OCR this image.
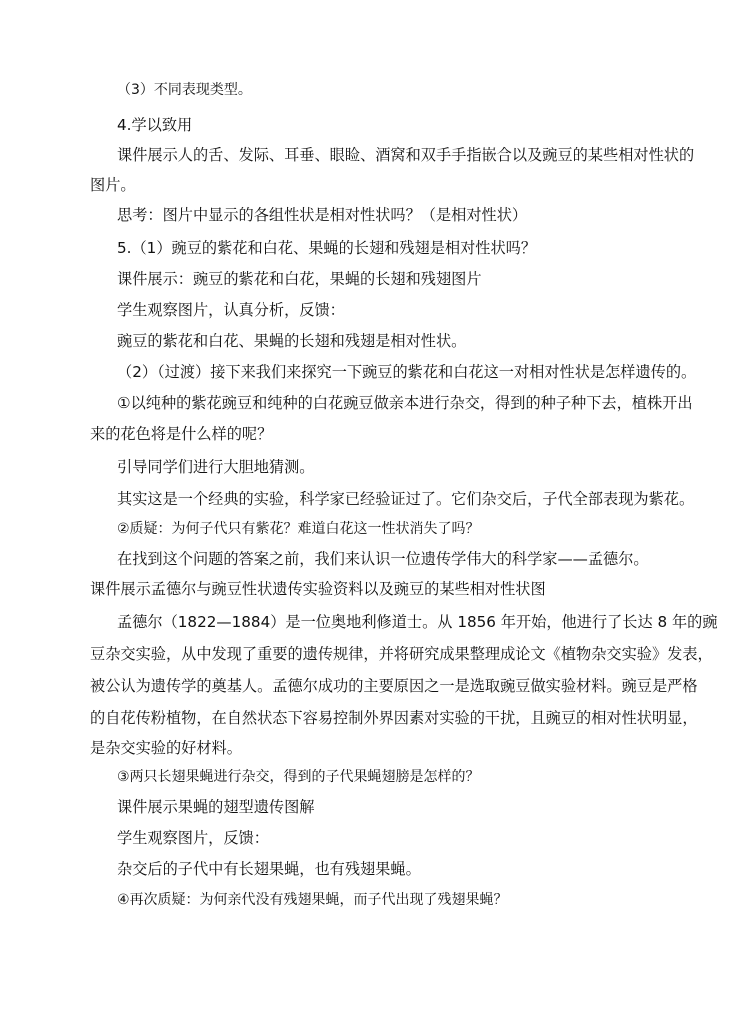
（3）不同表现类型。
4.学以致用
课件展示人的舌、发际、耳垂、眼睑、酒窝和双手手指嵌合以及豌豆的某些相对性状的
图片。
思考：图片中显示的各组性状是相对性状吗？（是相对性状）
5.（1）豌豆的紫花和白花、果蝇的长翅和残翅是相对性状吗？
课件展示：豌豆的紫花和白花，果蝇的长翅和残翅图片
学生观察图片，认真分析，反馈：
豌豆的紫花和白花、果蝇的长翅和残翅是相对性状。
（2）（过渡）接下来我们来探究一下豌豆的紫花和白花这一对相对性状是怎样遗传的。
①以纯种的紫花豌豆和纯种的白花豌豆做亲本进行杂交，得到的种子种下去，植株开出
来的花色将是什么样的呢？
引导同学们进行大胆地猜测。
其实这是一个经典的实验，科学家已经验证过了。它们杂交后，子代全部表现为紫花。
②质疑：为何子代只有紫花？难道白花这一性状消失了吗？
在找到这个问题的答案之前，我们来认识一位遗传学伟大的科学家——孟德尔。
课件展示孟德尔与豌豆性状遗传实验资料以及豌豆的某些相对性状图
孟德尔（1822—1884）是一位奥地利修道士。从 1856 年开始，他进行了长达 8 年的豌
豆杂交实验，从中发现了重要的遗传规律，并将研究成果整理成论文《植物杂交实验》发表，
被公认为遗传学的奠基人。孟德尔成功的主要原因之一是选取豌豆做实验材料。豌豆是严格
的自花传粉植物，在自然状态下容易控制外界因素对实验的干扰，且豌豆的相对性状明显，
是杂交实验的好材料。
③两只长翅果蝇进行杂交，得到的子代果蝇翅膀是怎样的？
课件展示果蝇的翅型遗传图解
学生观察图片，反馈：
杂交后的子代中有长翅果蝇，也有残翅果蝇。
④再次质疑：为何亲代没有残翅果蝇，而子代出现了残翅果蝇？
